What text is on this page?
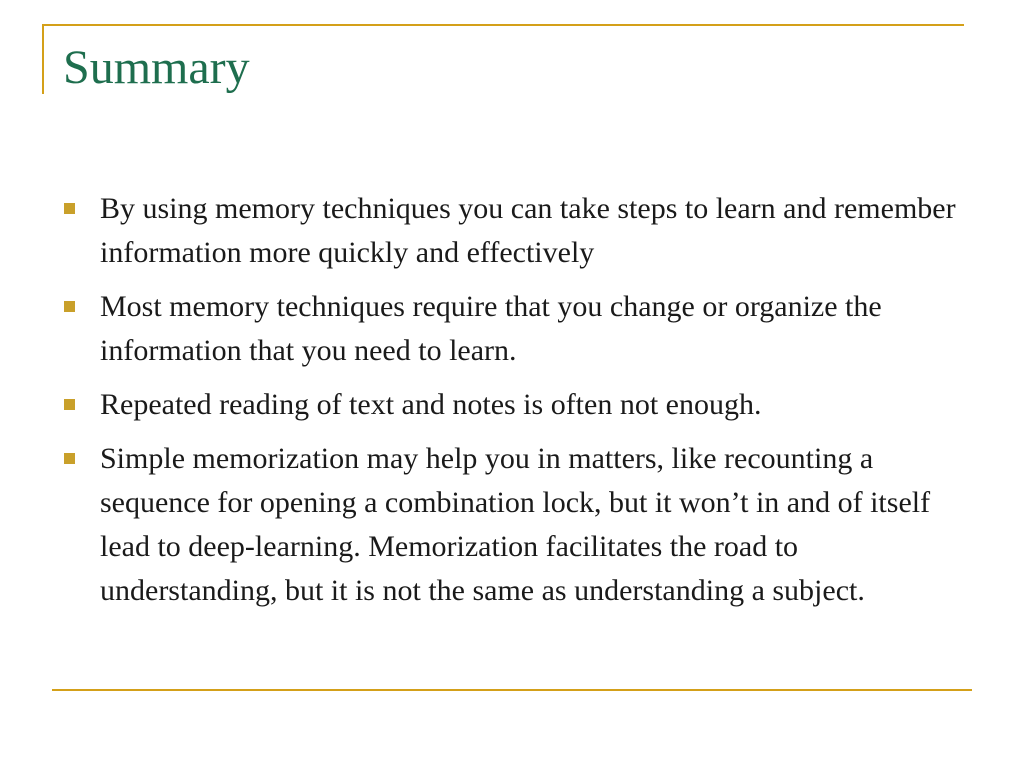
Summary
By using memory techniques you can take steps to learn and remember information more quickly and effectively
Most memory techniques require that you change or organize the information that you need to learn.
Repeated reading of text and notes is often not enough.
Simple memorization may help you in matters, like recounting a sequence for opening a combination lock, but it won’t in and of itself lead to deep-learning. Memorization facilitates the road to understanding, but it is not the same as understanding a subject.
